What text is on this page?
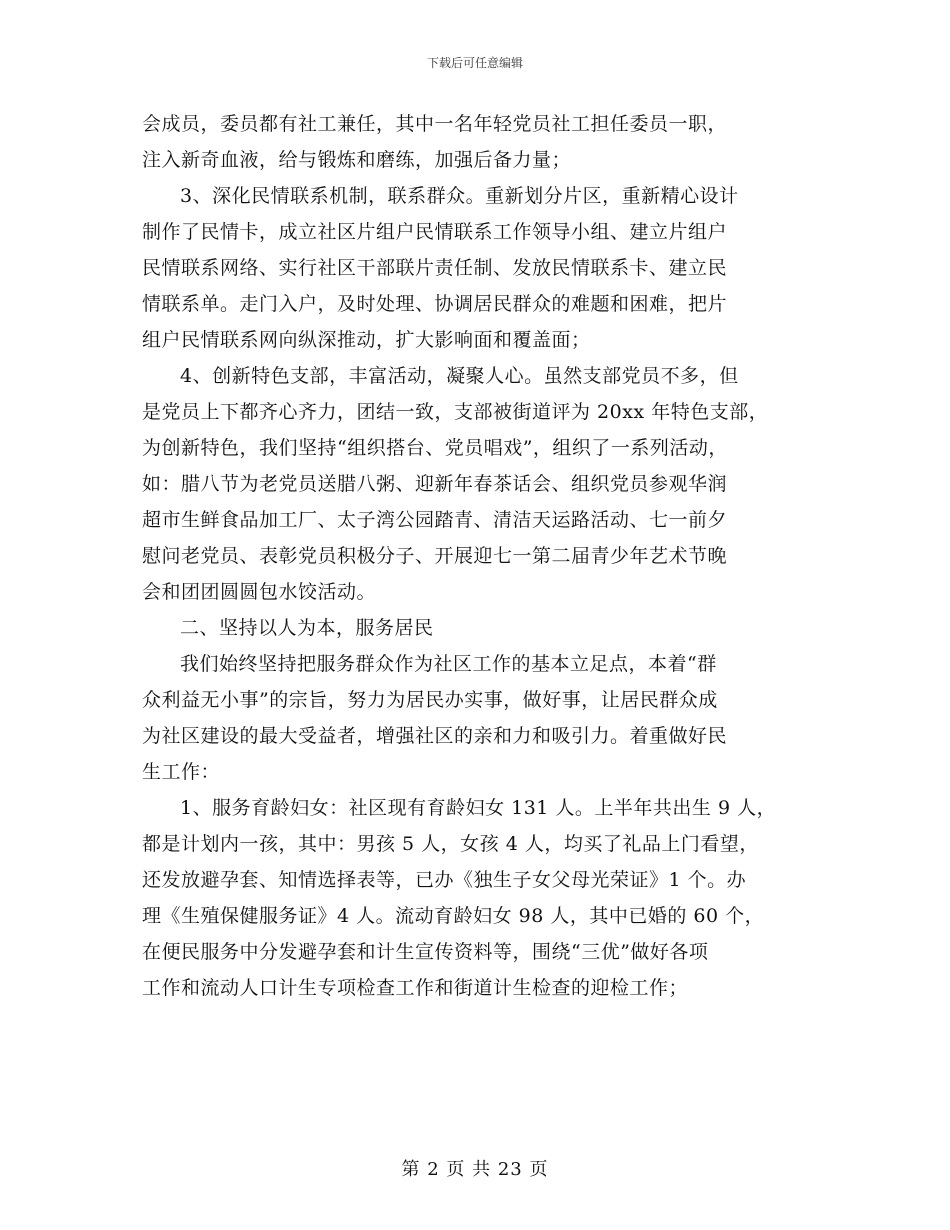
下载后可任意编辑
会成员，委员都有社工兼任，其中一名年轻党员社工担任委员一职，
注入新奇血液，给与锻炼和磨练，加强后备力量；
3、深化民情联系机制，联系群众。重新划分片区，重新精心设计
制作了民情卡，成立社区片组户民情联系工作领导小组、建立片组户
民情联系网络、实行社区干部联片责任制、发放民情联系卡、建立民
情联系单。走门入户，及时处理、协调居民群众的难题和困难，把片
组户民情联系网向纵深推动，扩大影响面和覆盖面；
4、创新特色支部，丰富活动，凝聚人心。虽然支部党员不多，但
是党员上下都齐心齐力，团结一致，支部被街道评为 20xx 年特色支部，
为创新特色，我们坚持“组织搭台、党员唱戏”，组织了一系列活动，
如：腊八节为老党员送腊八粥、迎新年春茶话会、组织党员参观华润
超市生鲜食品加工厂、太子湾公园踏青、清洁天运路活动、七一前夕
慰问老党员、表彰党员积极分子、开展迎七一第二届青少年艺术节晚
会和团团圆圆包水饺活动。
二、坚持以人为本，服务居民
我们始终坚持把服务群众作为社区工作的基本立足点，本着“群
众利益无小事”的宗旨，努力为居民办实事，做好事，让居民群众成
为社区建设的最大受益者，增强社区的亲和力和吸引力。着重做好民
生工作：
1、服务育龄妇女：社区现有育龄妇女 131 人。上半年共出生 9 人，
都是计划内一孩，其中：男孩 5 人，女孩 4 人，均买了礼品上门看望，
还发放避孕套、知情选择表等，已办《独生子女父母光荣证》1 个。办
理《生殖保健服务证》4 人。流动育龄妇女 98 人，其中已婚的 60 个，
在便民服务中分发避孕套和计生宣传资料等，围绕“三优”做好各项
工作和流动人口计生专项检查工作和街道计生检查的迎检工作；
第 2 页 共 23 页
